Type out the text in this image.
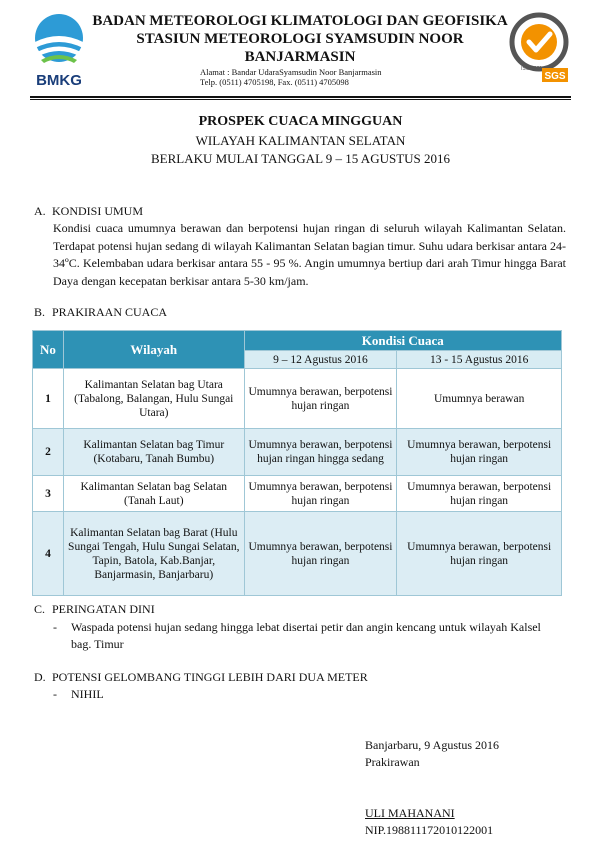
BMKG
BADAN METEOROLOGI KLIMATOLOGI DAN GEOFISIKA
STASIUN METEOROLOGI SYAMSUDIN NOOR
BANJARMASIN
Alamat : Bandar UdaraSyamsudin Noor Banjarmasin
Telp. (0511) 4705198, Fax. (0511) 4705098
ISO 9001
SGS
PROSPEK CUACA MINGGUAN
WILAYAH KALIMANTAN SELATAN
BERLAKU MULAI TANGGAL 9 – 15 AGUSTUS 2016
A. KONDISI UMUM
Kondisi cuaca umumnya berawan dan berpotensi hujan ringan di seluruh wilayah Kalimantan Selatan. Terdapat potensi hujan sedang di wilayah Kalimantan Selatan bagian timur. Suhu udara berkisar antara 24-34ºC. Kelembaban udara berkisar antara 55 - 95 %. Angin umumnya bertiup dari arah Timur hingga Barat Daya dengan kecepatan berkisar antara 5-30 km/jam.
B. PRAKIRAAN CUACA
No	Wilayah	Kondisi Cuaca	
		9 – 12 Agustus 2016	13 - 15 Agustus 2016
1	Kalimantan Selatan bag Utara (Tabalong, Balangan, Hulu Sungai Utara)	Umumnya berawan, berpotensi hujan ringan	Umumnya berawan
2	Kalimantan Selatan bag Timur (Kotabaru, Tanah Bumbu)	Umumnya berawan, berpotensi hujan ringan hingga sedang	Umumnya berawan, berpotensi hujan ringan
3	Kalimantan Selatan bag Selatan (Tanah Laut)	Umumnya berawan, berpotensi hujan ringan	Umumnya berawan, berpotensi hujan ringan
4	Kalimantan Selatan bag Barat (Hulu Sungai Tengah, Hulu Sungai Selatan, Tapin, Batola, Kab.Banjar, Banjarmasin, Banjarbaru)	Umumnya berawan, berpotensi hujan ringan	Umumnya berawan, berpotensi hujan ringan
C. PERINGATAN DINI
- Waspada potensi hujan sedang hingga lebat disertai petir dan angin kencang untuk wilayah Kalsel bag. Timur
D. POTENSI GELOMBANG TINGGI LEBIH DARI DUA METER
- NIHIL
Banjarbaru, 9 Agustus 2016
Prakirawan
ULI MAHANANI
NIP.198811172010122001
